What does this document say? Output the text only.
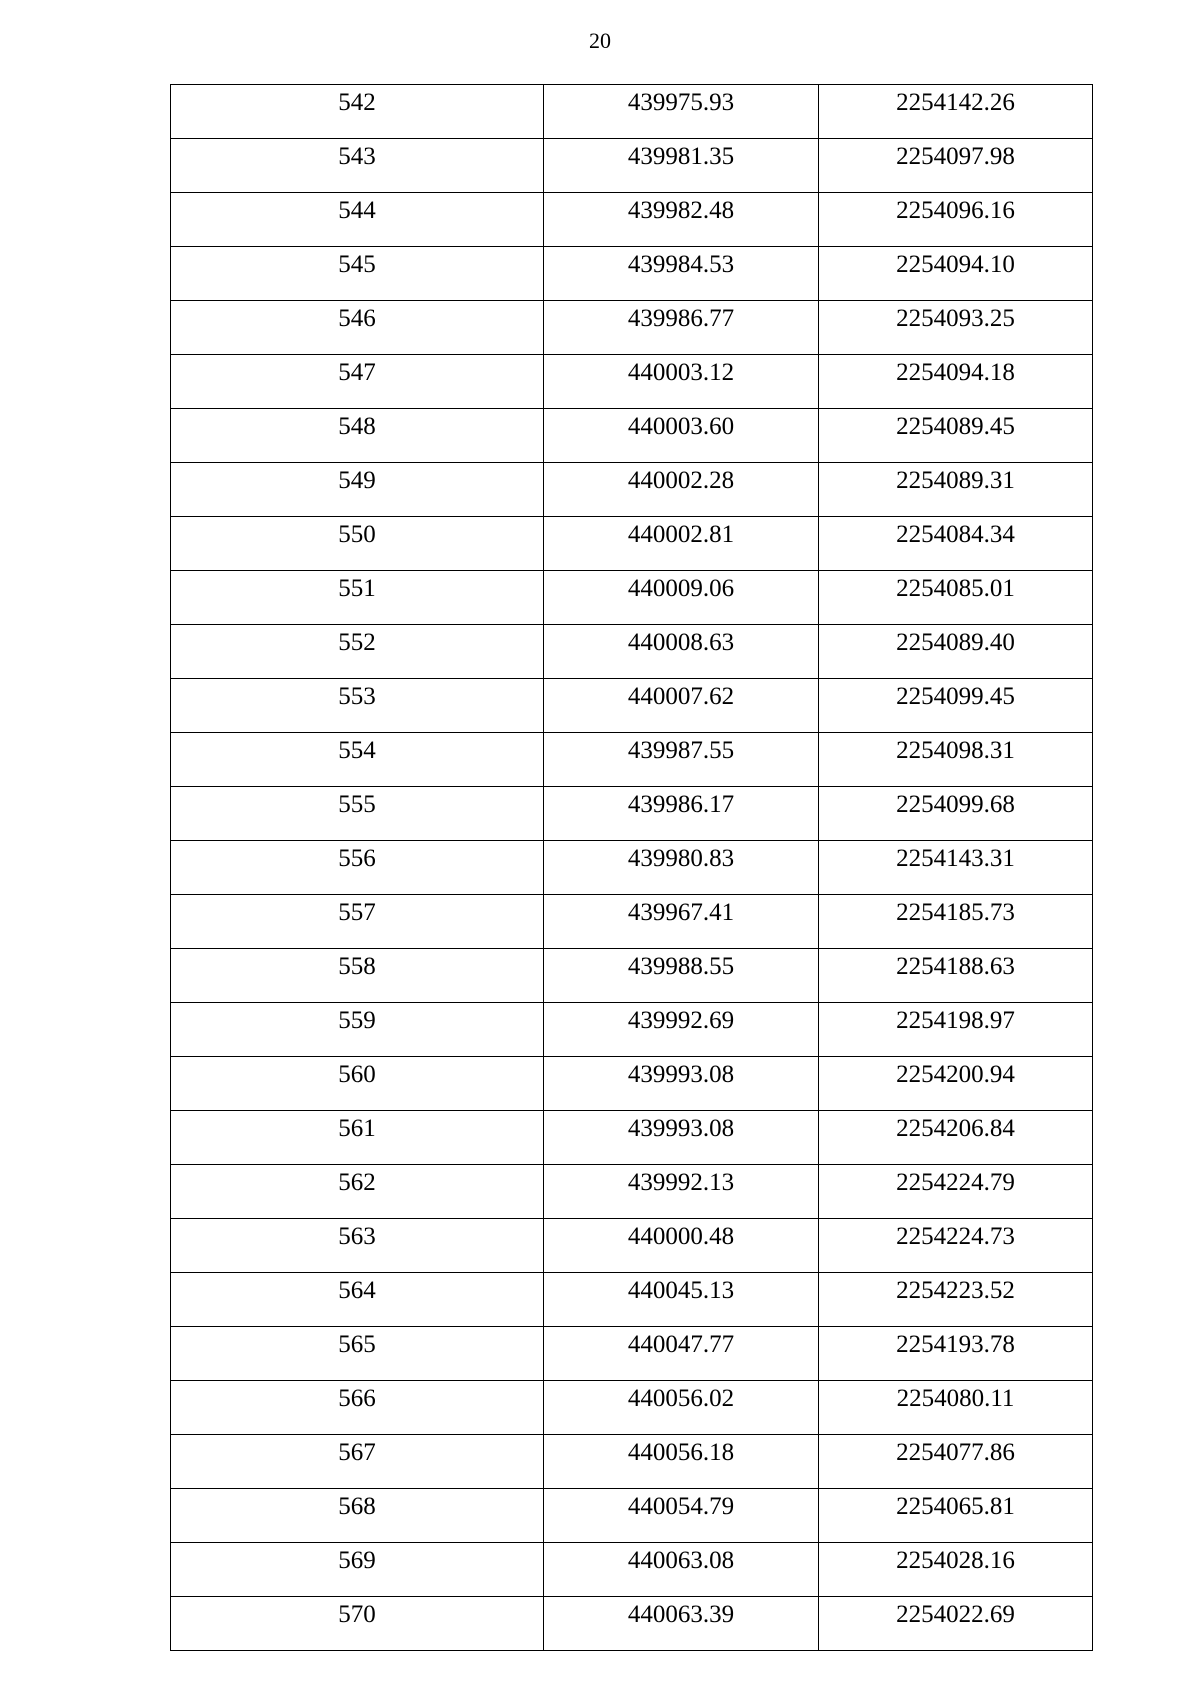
20
542	439975.93	2254142.26
543	439981.35	2254097.98
544	439982.48	2254096.16
545	439984.53	2254094.10
546	439986.77	2254093.25
547	440003.12	2254094.18
548	440003.60	2254089.45
549	440002.28	2254089.31
550	440002.81	2254084.34
551	440009.06	2254085.01
552	440008.63	2254089.40
553	440007.62	2254099.45
554	439987.55	2254098.31
555	439986.17	2254099.68
556	439980.83	2254143.31
557	439967.41	2254185.73
558	439988.55	2254188.63
559	439992.69	2254198.97
560	439993.08	2254200.94
561	439993.08	2254206.84
562	439992.13	2254224.79
563	440000.48	2254224.73
564	440045.13	2254223.52
565	440047.77	2254193.78
566	440056.02	2254080.11
567	440056.18	2254077.86
568	440054.79	2254065.81
569	440063.08	2254028.16
570	440063.39	2254022.69
